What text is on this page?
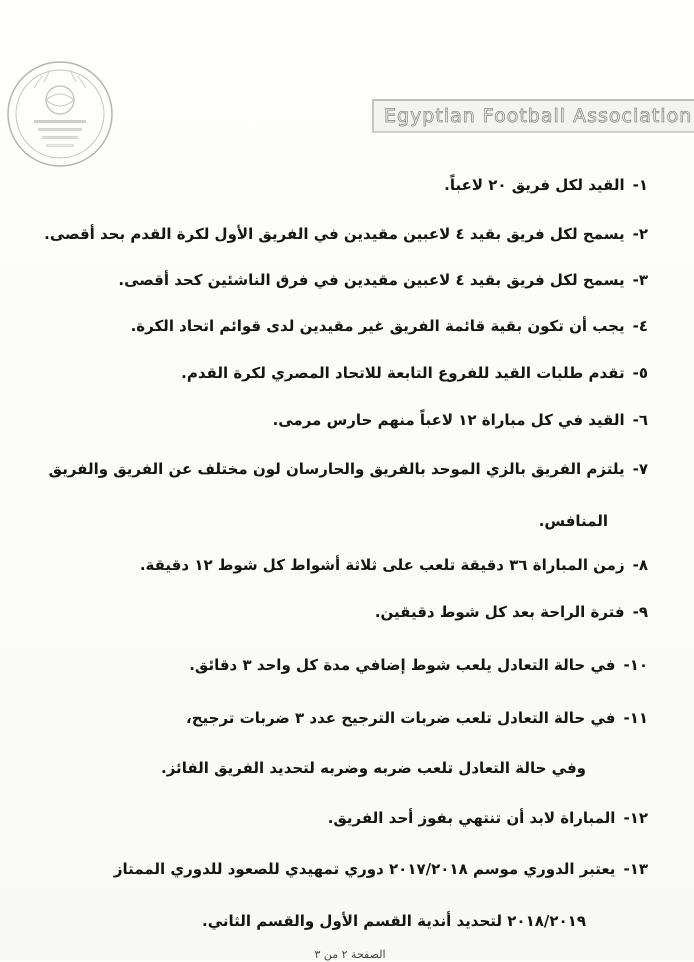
Egyptian Football Association
١-القيد لكل فريق ٢٠ لاعباً.
٢-يسمح لكل فريق بقيد ٤ لاعبين مقيدين في الفريق الأول لكرة القدم بحد أقصى.
٣-يسمح لكل فريق بقيد ٤ لاعبين مقيدين في فرق الناشئين كحد أقصى.
٤-يجب أن تكون بقية قائمة الفريق غير مقيدين لدى قوائم اتحاد الكرة.
٥-تقدم طلبات القيد للفروع التابعة للاتحاد المصري لكرة القدم.
٦-القيد في كل مباراة ١٢ لاعباً منهم حارس مرمى.
٧-يلتزم الفريق بالزي الموحد بالفريق والحارسان لون مختلف عن الفريق والفريق
المنافس.
٨-زمن المباراة ٣٦ دقيقة تلعب على ثلاثة أشواط كل شوط ١٢ دقيقة.
٩-فترة الراحة بعد كل شوط دقيقين.
١٠-في حالة التعادل يلعب شوط إضافي مدة كل واحد ٣ دقائق.
١١-في حالة التعادل تلعب ضربات الترجيح عدد ٣ ضربات ترجيح،
وفي حالة التعادل تلعب ضربه وضربه لتحديد الفريق الفائز.
١٢-المباراة لابد أن تنتهي بفوز أحد الفريق.
١٣-يعتبر الدوري موسم ٢٠١٧/٢٠١٨ دوري تمهيدي للصعود للدوري الممتاز
٢٠١٨/٢٠١٩ لتحديد أندية القسم الأول والقسم الثاني.
الصفحة ٢ من ٣
